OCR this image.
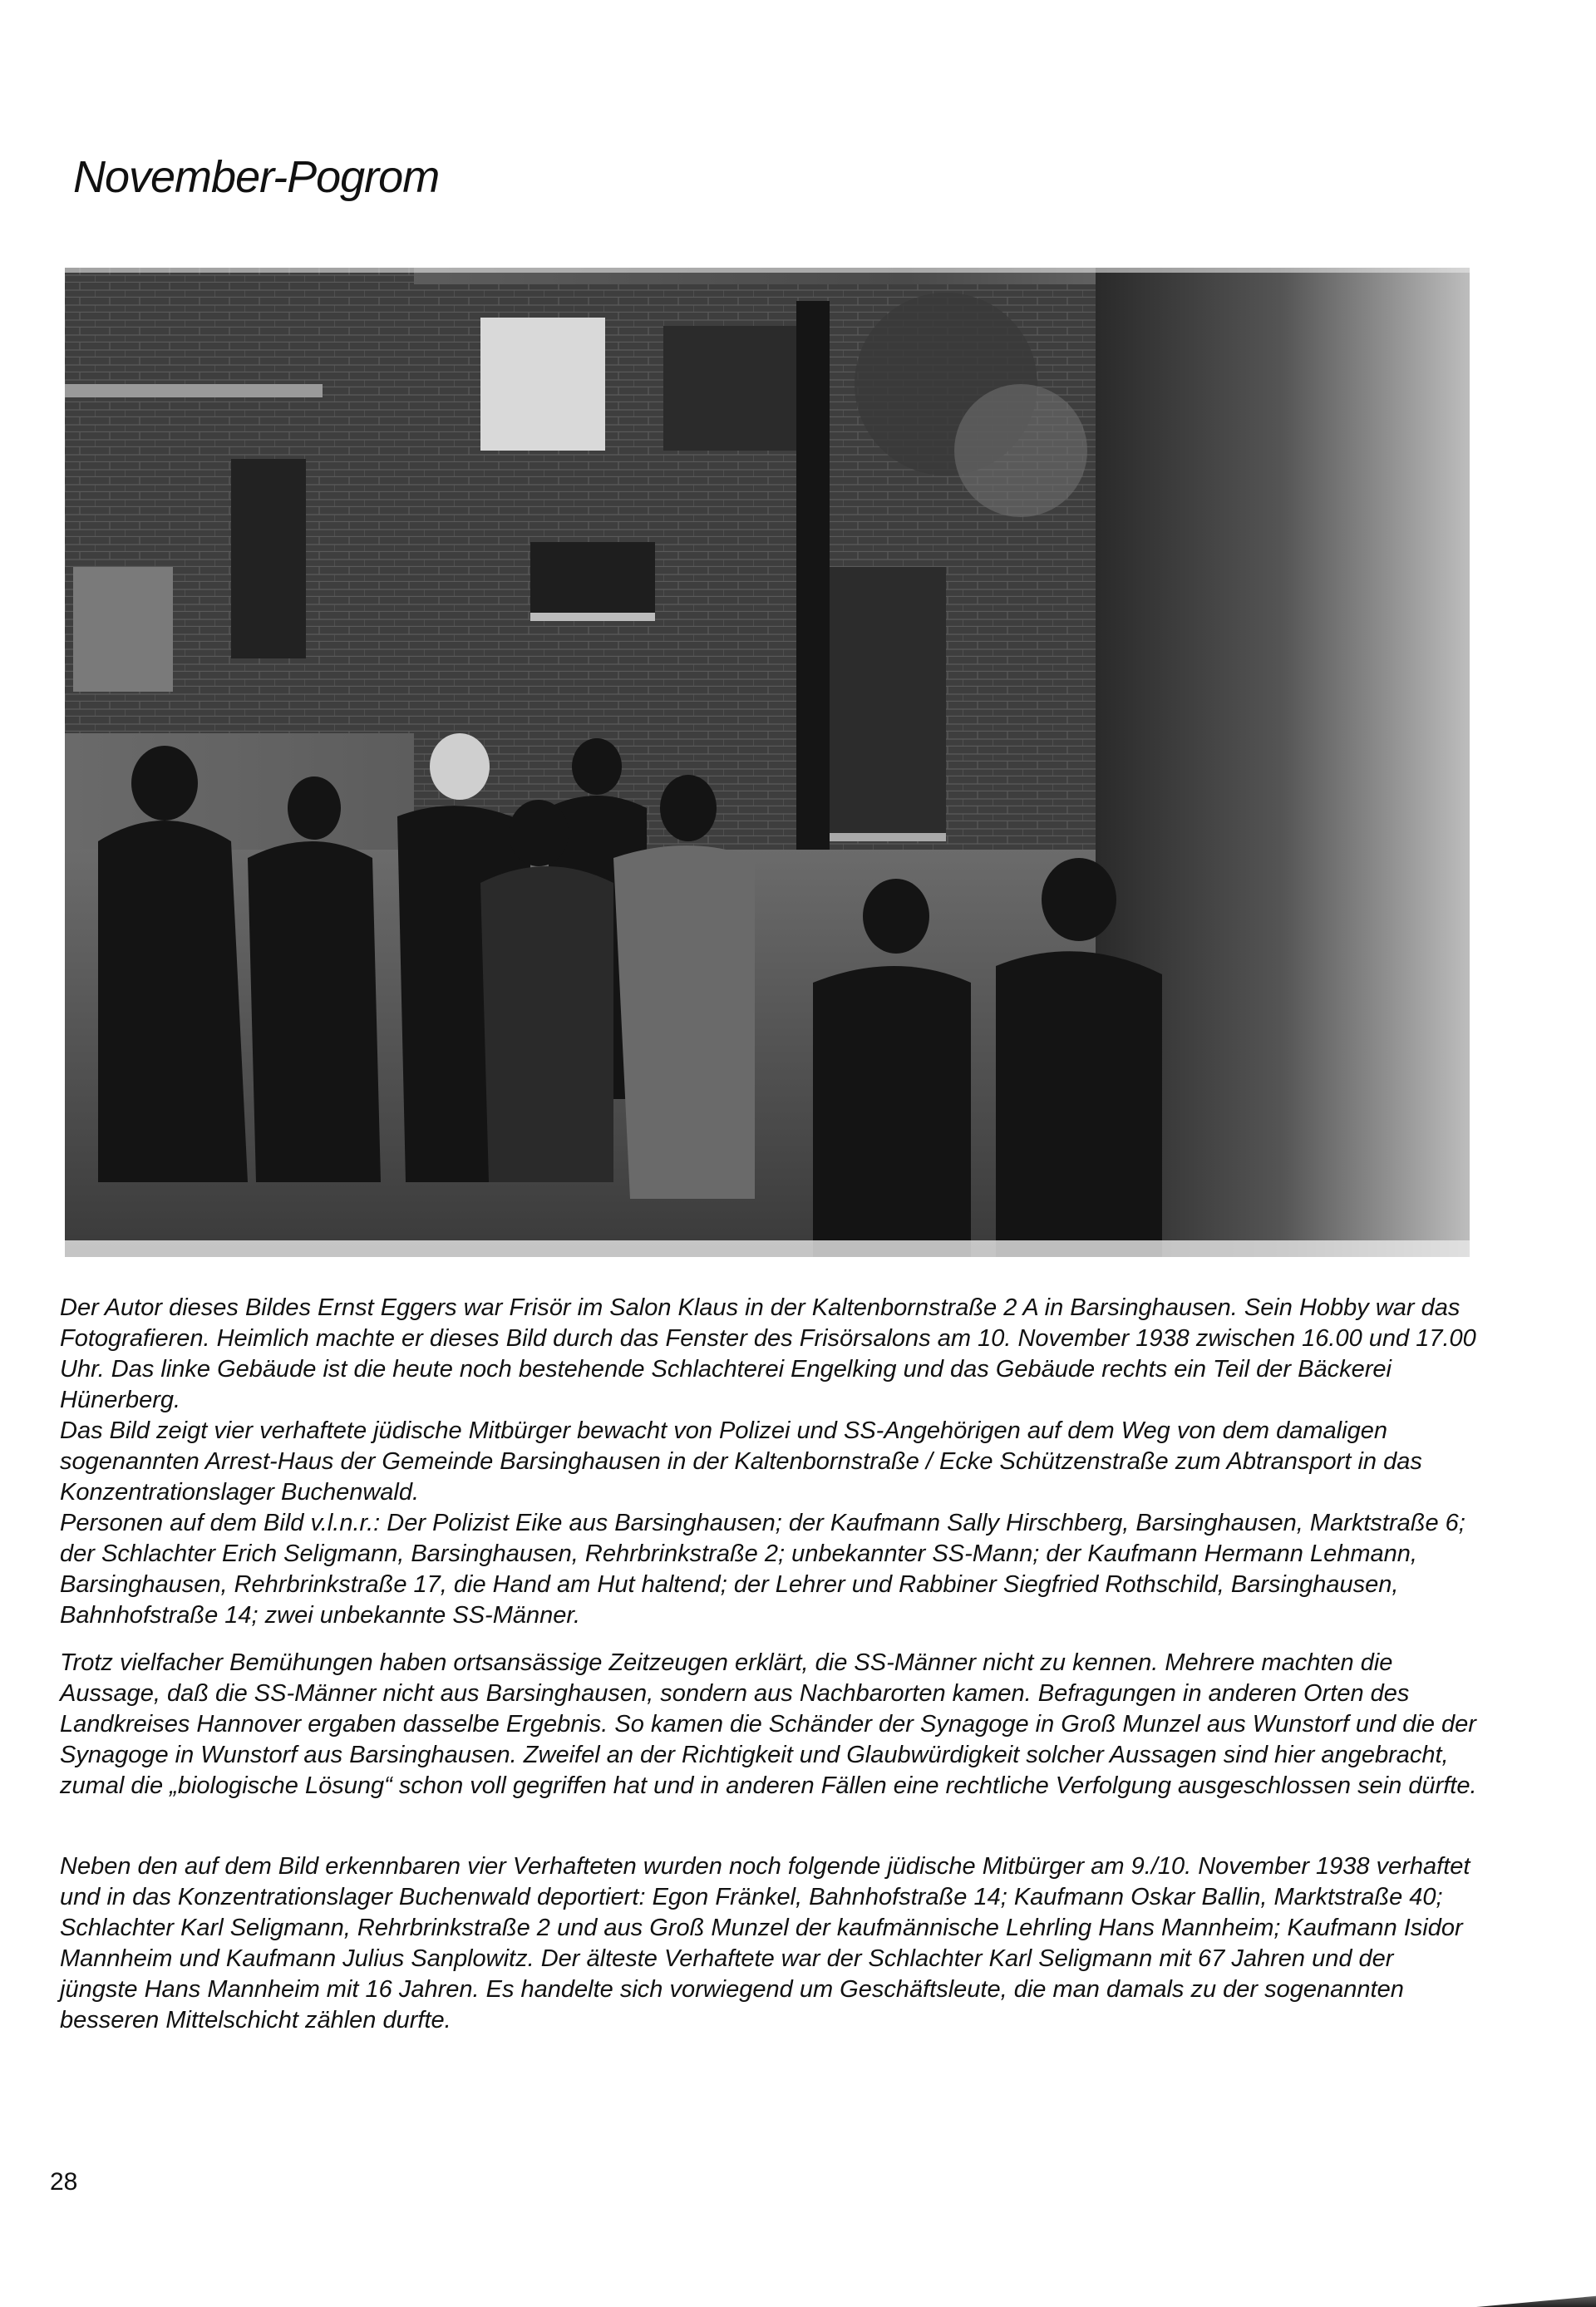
November-Pogrom

Der Autor dieses Bildes Ernst Eggers war Frisör im Salon Klaus in der Kaltenbornstraße 2 A in Barsinghausen. Sein Hobby war das Fotografieren. Heimlich machte er dieses Bild durch das Fenster des Frisörsalons am 10. November 1938 zwischen 16.00 und 17.00 Uhr. Das linke Gebäude ist die heute noch bestehende Schlachterei Engelking und das Gebäude rechts ein Teil der Bäckerei Hünerberg.

Das Bild zeigt vier verhaftete jüdische Mitbürger bewacht von Polizei und SS-Angehörigen auf dem Weg von dem damaligen sogenannten Arrest-Haus der Gemeinde Barsinghausen in der Kaltenbornstraße / Ecke Schützenstraße zum Abtransport in das Konzentrationslager Buchenwald.

Personen auf dem Bild v.l.n.r.: Der Polizist Eike aus Barsinghausen; der Kaufmann Sally Hirschberg, Barsinghausen, Marktstraße 6; der Schlachter Erich Seligmann, Barsinghausen, Rehrbrinkstraße 2; unbekannter SS-Mann; der Kaufmann Hermann Lehmann, Barsinghausen, Rehrbrinkstraße 17, die Hand am Hut haltend; der Lehrer und Rabbiner Siegfried Rothschild, Barsinghausen, Bahnhofstraße 14; zwei unbekannte SS-Männer.

Trotz vielfacher Bemühungen haben ortsansässige Zeitzeugen erklärt, die SS-Männer nicht zu kennen. Mehrere machten die Aussage, daß die SS-Männer nicht aus Barsinghausen, sondern aus Nachbarorten kamen. Befragungen in anderen Orten des Landkreises Hannover ergaben dasselbe Ergebnis. So kamen die Schänder der Synagoge in Groß Munzel aus Wunstorf und die der Synagoge in Wunstorf aus Barsinghausen. Zweifel an der Richtigkeit und Glaubwürdigkeit solcher Aussagen sind hier angebracht, zumal die „biologische Lösung“ schon voll gegriffen hat und in anderen Fällen eine rechtliche Verfolgung ausgeschlossen sein dürfte.

Neben den auf dem Bild erkennbaren vier Verhafteten wurden noch folgende jüdische Mitbürger am 9./10. November 1938 verhaftet und in das Konzentrationslager Buchenwald deportiert: Egon Fränkel, Bahnhofstraße 14; Kaufmann Oskar Ballin, Marktstraße 40; Schlachter Karl Seligmann, Rehrbrinkstraße 2 und aus Groß Munzel der kaufmännische Lehrling Hans Mannheim; Kaufmann Isidor Mannheim und Kaufmann Julius Sanplowitz. Der älteste Verhaftete war der Schlachter Karl Seligmann mit 67 Jahren und der jüngste Hans Mannheim mit 16 Jahren. Es handelte sich vorwiegend um Geschäftsleute, die man damals zu der sogenannten besseren Mittelschicht zählen durfte.

28
